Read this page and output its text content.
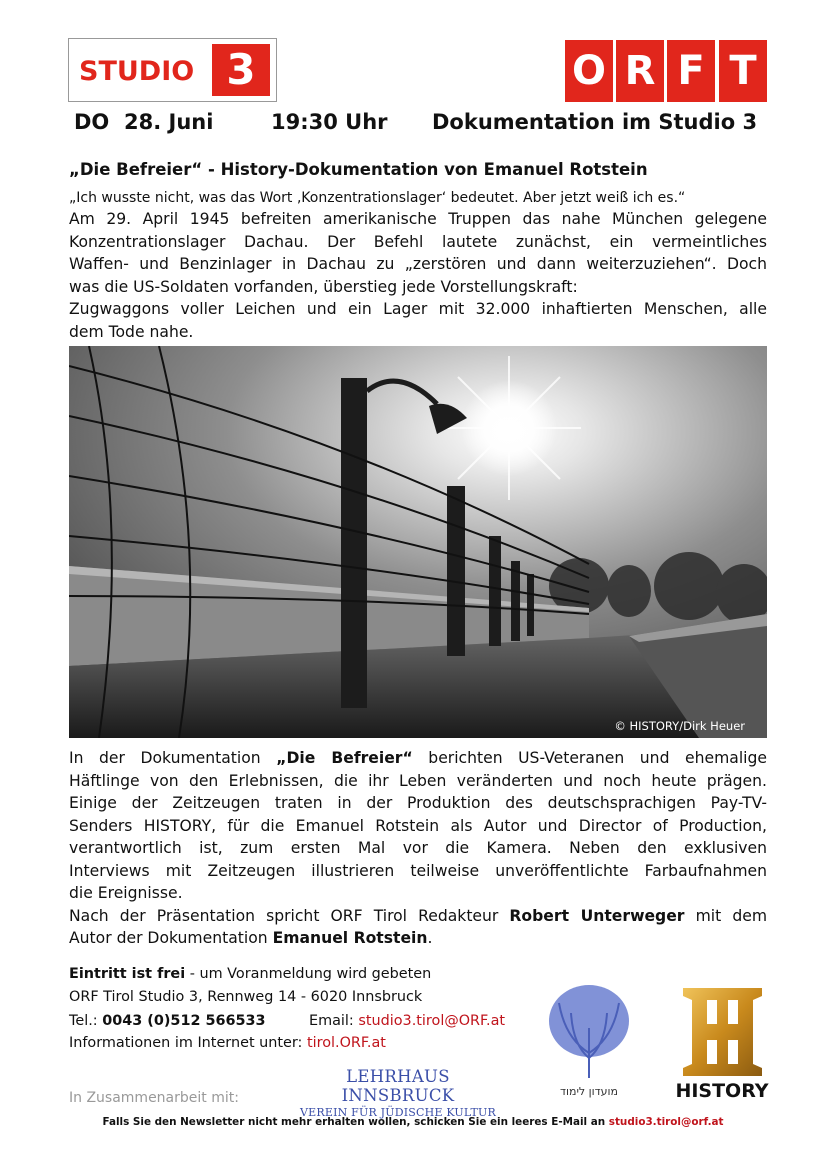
STUDIO 3	O R F T
DO 28. Juni	19:30 Uhr Dokumentation im Studio 3
„Die Befreier“ - History-Dokumentation von Emanuel Rotstein
„Ich wusste nicht, was das Wort ‚Konzentrationslager‘ bedeutet. Aber jetzt weiß ich es.“
Am 29. April 1945 befreiten amerikanische Truppen das nahe München gelegene
Konzentrationslager Dachau. Der Befehl lautete zunächst, ein vermeintliches
Waffen- und Benzinlager in Dachau zu „zerstören und dann weiterzuziehen“. Doch
was die US-Soldaten vorfanden, überstieg jede Vorstellungskraft:
Zugwaggons voller Leichen und ein Lager mit 32.000 inhaftierten Menschen, alle
dem Tode nahe.
© HISTORY/Dirk Heuer
In der Dokumentation „Die Befreier“ berichten US-Veteranen und ehemalige
Häftlinge von den Erlebnissen, die ihr Leben veränderten und noch heute prägen.
Einige der Zeitzeugen traten in der Produktion des deutschsprachigen Pay-TV-
Senders HISTORY, für die Emanuel Rotstein als Autor und Director of Production,
verantwortlich ist, zum ersten Mal vor die Kamera. Neben den exklusiven
Interviews mit Zeitzeugen illustrieren teilweise unveröffentlichte Farbaufnahmen
die Ereignisse.
Nach der Präsentation spricht ORF Tirol Redakteur Robert Unterweger mit dem
Autor der Dokumentation Emanuel Rotstein.
Eintritt ist frei - um Voranmeldung wird gebeten
ORF Tirol Studio 3, Rennweg 14 - 6020 Innsbruck
Tel.: 0043 (0)512 566533	Email: studio3.tirol@ORF.at
Informationen im Internet unter: tirol.ORF.at
מועדון לימוד	HISTORY
LEHRHAUS INNSBRUCK
VEREIN FÜR JÜDISCHE KULTUR
In Zusammenarbeit mit:
Falls Sie den Newsletter nicht mehr erhalten wollen, schicken Sie ein leeres E-Mail an studio3.tirol@orf.at
